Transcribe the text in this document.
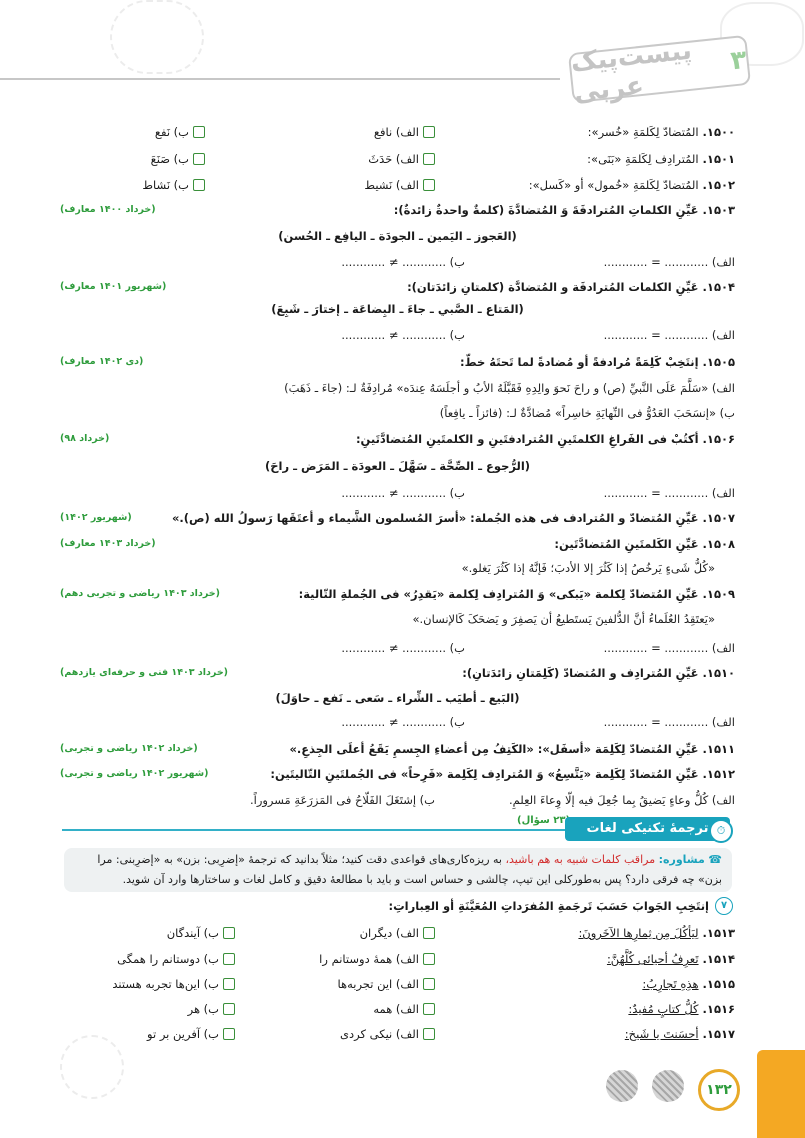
پیست‌پیک عربی
۳
۱۵۰۰.المُتضادّ لِكَلمَةِ «خُسر»:
الف) نافع
ب) نَفع
۱۵۰۱.المُترادِف لِكَلمَةِ «بَنَى»:
الف) حَدَثَ
ب) صَنَعَ
۱۵۰۲.المُتضادّ لِكَلمَةِ «خُمول» أو «كَسل»:
الف) نَشيط
ب) نَشاط
۱۵۰۳.عَيِّنِ الكلماتِ المُترادفَةَ وَ المُتضادَّةَ (كلمةٌ واحدةٌ زائدةٌ):
(خرداد ۱۴۰۰ معارف)
(العَجوز ـ اليَمين ـ الجودَة ـ اليافِع ـ الحُسن)
الف) ............ = ............
ب) ............ ≠ ............
۱۵۰۴.عَيِّنِ الكلمات المُترادفَة و المُتضادَّة (كلمتانِ زائدَتان):
(شهريور ۱۴۰۱ معارف)
(المَتاع ـ الصَّبي ـ جاءَ ـ البِضاعَة ـ إختارَ ـ شَبِعَ)
الف) ............ = ............
ب) ............ ≠ ............
۱۵۰۵.إنتَخِبْ كَلِمَةً مُرادفةً أو مُضادةً لما تَحتَهُ خطّ:
(دی ۱۴۰۲ معارف)
الف) «سَلَّمَ عَلَى النَّبيِّ (ص) و راحَ نَحوَ والِدِهِ فَقَبَّلَهُ الأبُ و أجلَسَهُ عِندَه» مُرادِفَةٌ لـ: (جاءَ ـ ذَهَبَ)
ب) «إنسَحَبَ العَدُوُّ فی النِّهايَةِ خاسِراً» مُضادَّةٌ لـ: (فائزاً ـ يافِعاً)
۱۵۰۶.أكتُبْ فی الفَراغِ الكلمتَينِ المُترادفتَينِ و الكلمتَينِ المُتضادَّتَينِ:
(خرداد ۹۸)
(الرُّجوع ـ الصِّحَّة ـ سَهَّلَ ـ العودَة ـ المَرَض ـ راحَ)
الف) ............ = ............
ب) ............ ≠ ............
۱۵۰۷.عَيِّنِ المُتضادّ و المُترادف فی هذه الجُملة: «أسرَ المُسلمون الشَّيماء و أعتَقَها رَسولُ الله (ص).»
(شهريور ۱۴۰۲)
۱۵۰۸.عَيِّنِ الكَلمتَينِ المُتضادَّتَين:
(خرداد ۱۴۰۳ معارف)
«كُلُّ شَیءٍ يَرخُصُ إذا كَثُرَ إلا الأدبَ؛ فَإنَّهُ إذا كَثُرَ يَغلو.»
۱۵۰۹.عَيِّنِ المُتضادّ لِكلمة «يَبكی» وَ المُترادِف لِكلمة «يَقدِرُ» فی الجُملةِ التّالية:
(خرداد ۱۴۰۳ رياضی و تجربی دهم)
«يَعتَقِدُ العُلَماءُ أنَّ الدُّلفينَ يَستَطيعُ أن يَصفِرَ و يَضحَکَ كَالإنسان.»
الف) ............ = ............
ب) ............ ≠ ............
۱۵۱۰.عَيِّنِ المُترادِف و المُتضادّ (كَلِمَتانِ زائدَتانِ):
(خرداد ۱۴۰۳ فنی و حرفه‌ای يازدهم)
(البَيع ـ أطيَب ـ الشِّراء ـ سَعی ـ نَفع ـ حاوَلَ)
الف) ............ = ............
ب) ............ ≠ ............
۱۵۱۱.عَيِّنِ المُتضادّ لِكَلِمَة «أسفَل»: «الكَتِفُ مِن أعضاءِ الجِسمِ يَقَعُ أعلَى الجِذعِ.»
(خرداد ۱۴۰۲ رياضی و تجربی)
۱۵۱۲.عَيِّنِ المُتضادّ لِكَلِمة «يَتَّسِعُ» وَ المُترادِف لِكَلِمة «فَرِحاً» فی الجُملتَينِ التّاليتَين:
(شهريور ۱۴۰۲ رياضی و تجربی)
الف) كُلُّ وعاءٍ يَضيقُ بِما جُعِلَ فيه إلّا وِعاءَ العِلمِ.
ب) إشتَغَلَ الفَلّاحُ فی المَزرَعَةِ مَسروراً.
۲۳ سؤال)
ترجمهٔ تکنیکی لغات ⏱
☎ مشاوره: مراقب کلمات شبیه به هم باشید، به ریزه‌کاری‌های قواعدی دقت کنید؛ مثلاً بدانید که ترجمهٔ «إضرِبی: بزن» به «إضرِبنی: مرا بزن» چه فرقی دارد؟ پس به‌طورکلی این تیپ، چالشی و حساس است و باید با مطالعهٔ دقیق و کامل لغات و ساختارها وارد آن شوید.
۷
إنتَخِبِ الجَوابَ حَسَبَ تَرجَمةِ المُفرَداتِ المُعَيَّنَةِ أو العِباراتِ:
۱۵۱۳.لِيَأكُلَ مِن ثِمارِها الآخَرونَ:
الف) دیگران
ب) آیندگان
۱۵۱۴.تَعرِفُ أحيائی كُلَّهُنَّ:
الف) همهٔ دوستانم را
ب) دوستانم را همگی
۱۵۱۵.هذِهِ تَجارِبُ:
الف) این تجربه‌ها
ب) این‌ها تجربه هستند
۱۵۱۶.كُلُّ كتابٍ مُفيدٌ:
الف) همه
ب) هر
۱۵۱۷.أحسَنتَ يا شَيخ:
الف) نیکی کردی
ب) آفرین بر تو
۱۳۲
